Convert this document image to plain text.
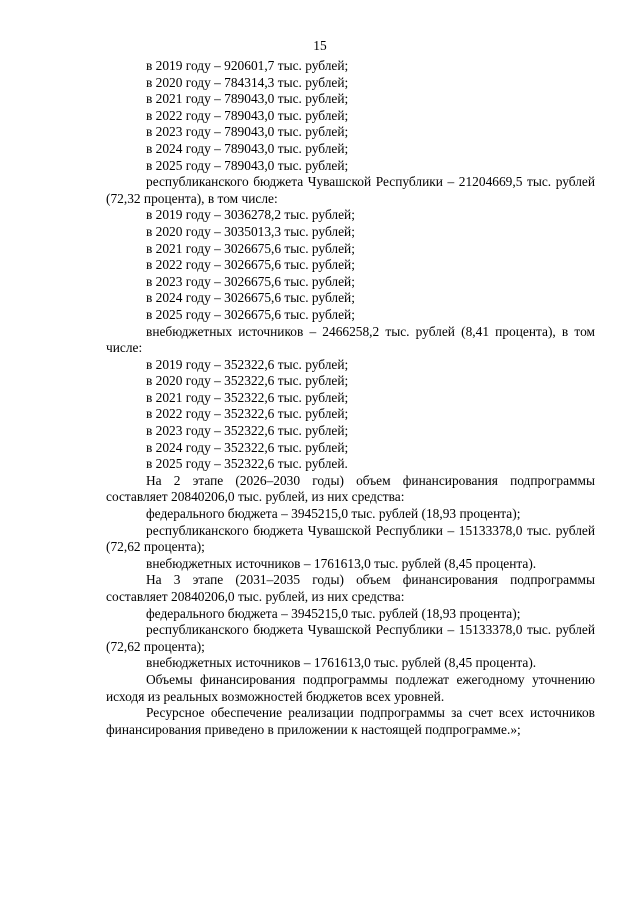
15

в 2019 году – 920601,7 тыс. рублей;

в 2020 году – 784314,3 тыс. рублей;

в 2021 году – 789043,0 тыс. рублей;

в 2022 году – 789043,0 тыс. рублей;

в 2023 году – 789043,0 тыс. рублей;

в 2024 году – 789043,0 тыс. рублей;

в 2025 году – 789043,0 тыс. рублей;

республиканского бюджета Чувашской Республики – 21204669,5 тыс. рублей (72,32 процента), в том числе:

в 2019 году – 3036278,2 тыс. рублей;

в 2020 году – 3035013,3 тыс. рублей;

в 2021 году – 3026675,6 тыс. рублей;

в 2022 году – 3026675,6 тыс. рублей;

в 2023 году – 3026675,6 тыс. рублей;

в 2024 году – 3026675,6 тыс. рублей;

в 2025 году – 3026675,6 тыс. рублей;

внебюджетных источников – 2466258,2 тыс. рублей (8,41 процента), в том числе:

в 2019 году – 352322,6 тыс. рублей;

в 2020 году – 352322,6 тыс. рублей;

в 2021 году – 352322,6 тыс. рублей;

в 2022 году – 352322,6 тыс. рублей;

в 2023 году – 352322,6 тыс. рублей;

в 2024 году – 352322,6 тыс. рублей;

в 2025 году – 352322,6 тыс. рублей.

На 2 этапе (2026–2030 годы) объем финансирования подпрограммы составляет 20840206,0 тыс. рублей, из них средства:

федерального бюджета – 3945215,0 тыс. рублей (18,93 процента);

республиканского бюджета Чувашской Республики – 15133378,0 тыс. рублей (72,62 процента);

внебюджетных источников – 1761613,0 тыс. рублей (8,45 процента).

На 3 этапе (2031–2035 годы) объем финансирования подпрограммы составляет 20840206,0 тыс. рублей, из них средства:

федерального бюджета – 3945215,0 тыс. рублей (18,93 процента);

республиканского бюджета Чувашской Республики – 15133378,0 тыс. рублей (72,62 процента);

внебюджетных источников – 1761613,0 тыс. рублей (8,45 процента).

Объемы финансирования подпрограммы подлежат ежегодному уточнению исходя из реальных возможностей бюджетов всех уровней.

Ресурсное обеспечение реализации подпрограммы за счет всех источников финансирования приведено в приложении к настоящей подпрограмме.»;
